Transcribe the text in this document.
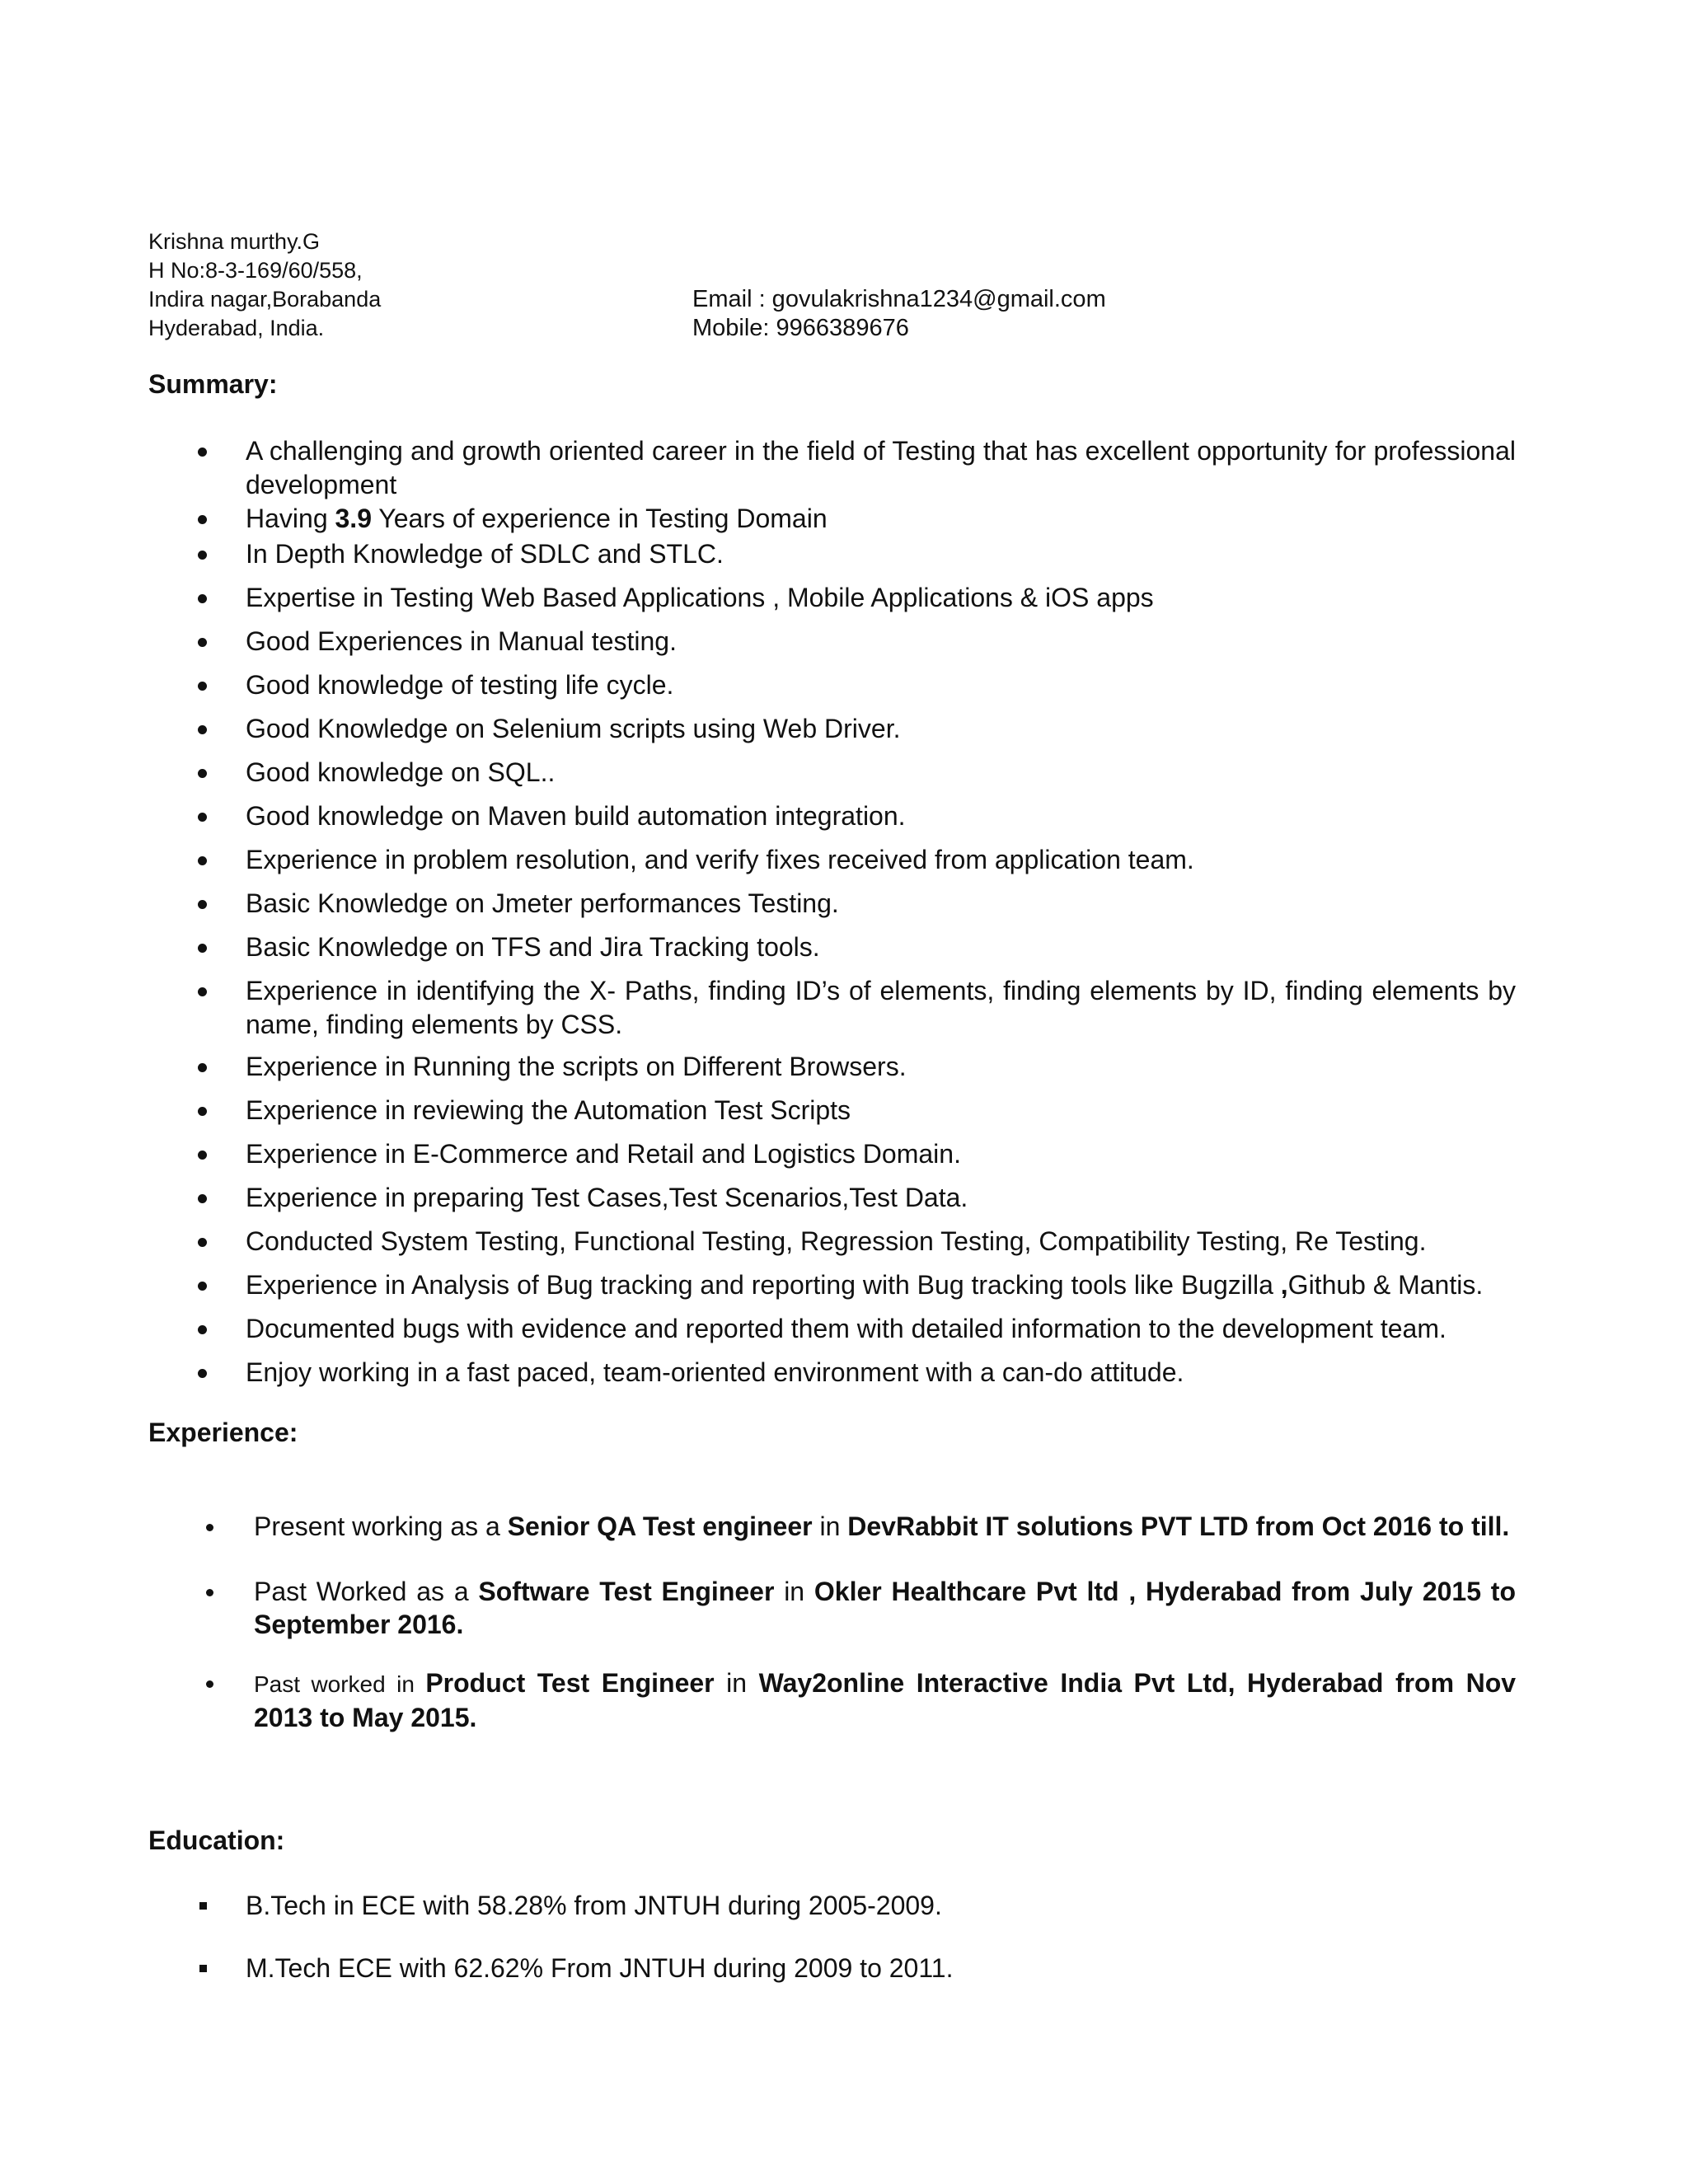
Krishna murthy.G
H No:8-3-169/60/558,
Indira nagar,Borabanda
Hyderabad, India.
Email : govulakrishna1234@gmail.com
Mobile: 9966389676
Summary:
A challenging and growth oriented career in the field of Testing that has excellent opportunity for professional development
Having 3.9 Years of experience in Testing Domain
In Depth Knowledge of SDLC and STLC.
Expertise in Testing Web Based Applications , Mobile Applications & iOS apps
Good Experiences in Manual testing.
Good knowledge of testing life cycle.
Good Knowledge on Selenium scripts using Web Driver.
Good knowledge on SQL..
Good knowledge on Maven build automation integration.
Experience in problem resolution, and verify fixes received from application team.
Basic Knowledge on Jmeter performances Testing.
Basic Knowledge on TFS and Jira Tracking tools.
Experience in identifying the X- Paths, finding ID’s of elements, finding elements by ID, finding elements by name, finding elements by CSS.
Experience in Running the scripts on Different Browsers.
Experience in reviewing the Automation Test Scripts
Experience in E-Commerce and Retail and Logistics Domain.
Experience in preparing Test Cases,Test Scenarios,Test Data.
Conducted System Testing, Functional Testing, Regression Testing, Compatibility Testing, Re Testing.
Experience in Analysis of Bug tracking and reporting with Bug tracking tools like Bugzilla ,Github & Mantis.
Documented bugs with evidence and reported them with detailed information to the development team.
Enjoy working in a fast paced, team-oriented environment with a can-do attitude.
Experience:
Present working as a Senior QA Test engineer in DevRabbit IT solutions PVT LTD from Oct 2016 to till.
Past Worked as a Software Test Engineer in Okler Healthcare Pvt ltd , Hyderabad from July 2015 to September 2016.
Past worked in Product Test Engineer in Way2online Interactive India Pvt Ltd, Hyderabad from Nov 2013 to May 2015.
Education:
B.Tech in ECE with 58.28% from JNTUH during 2005-2009.
M.Tech ECE with 62.62% From JNTUH during 2009 to 2011.
